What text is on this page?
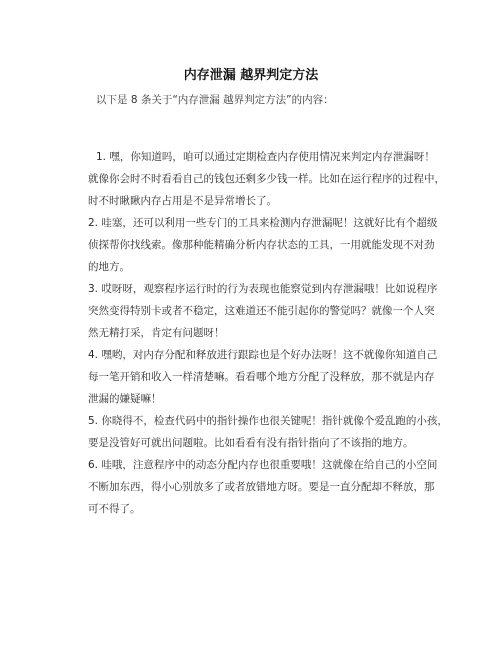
内存泄漏 越界判定方法
以下是 8 条关于“内存泄漏 越界判定方法”的内容：

1. 嘿，你知道吗，咱可以通过定期检查内存使用情况来判定内存泄漏呀！

就像你会时不时看看自己的钱包还剩多少钱一样。比如在运行程序的过程中，

时不时瞅瞅内存占用是不是异常增长了。

2. 哇塞，还可以利用一些专门的工具来检测内存泄漏呢！这就好比有个超级

侦探帮你找线索。像那种能精确分析内存状态的工具，一用就能发现不对劲

的地方。

3. 哎呀呀，观察程序运行时的行为表现也能察觉到内存泄漏哦！比如说程序

突然变得特别卡或者不稳定，这难道还不能引起你的警觉吗？就像一个人突

然无精打采，肯定有问题呀！

4. 嘿哟，对内存分配和释放进行跟踪也是个好办法呀！这不就像你知道自己

每一笔开销和收入一样清楚嘛。看看哪个地方分配了没释放，那不就是内存

泄漏的嫌疑嘛！

5. 你晓得不，检查代码中的指针操作也很关键呢！指针就像个爱乱跑的小孩，

要是没管好可就出问题啦。比如看看有没有指针指向了不该指的地方。

6. 哇哦，注意程序中的动态分配内存也很重要哦！这就像在给自己的小空间

不断加东西，得小心别放多了或者放错地方呀。要是一直分配却不释放，那

可不得了。
